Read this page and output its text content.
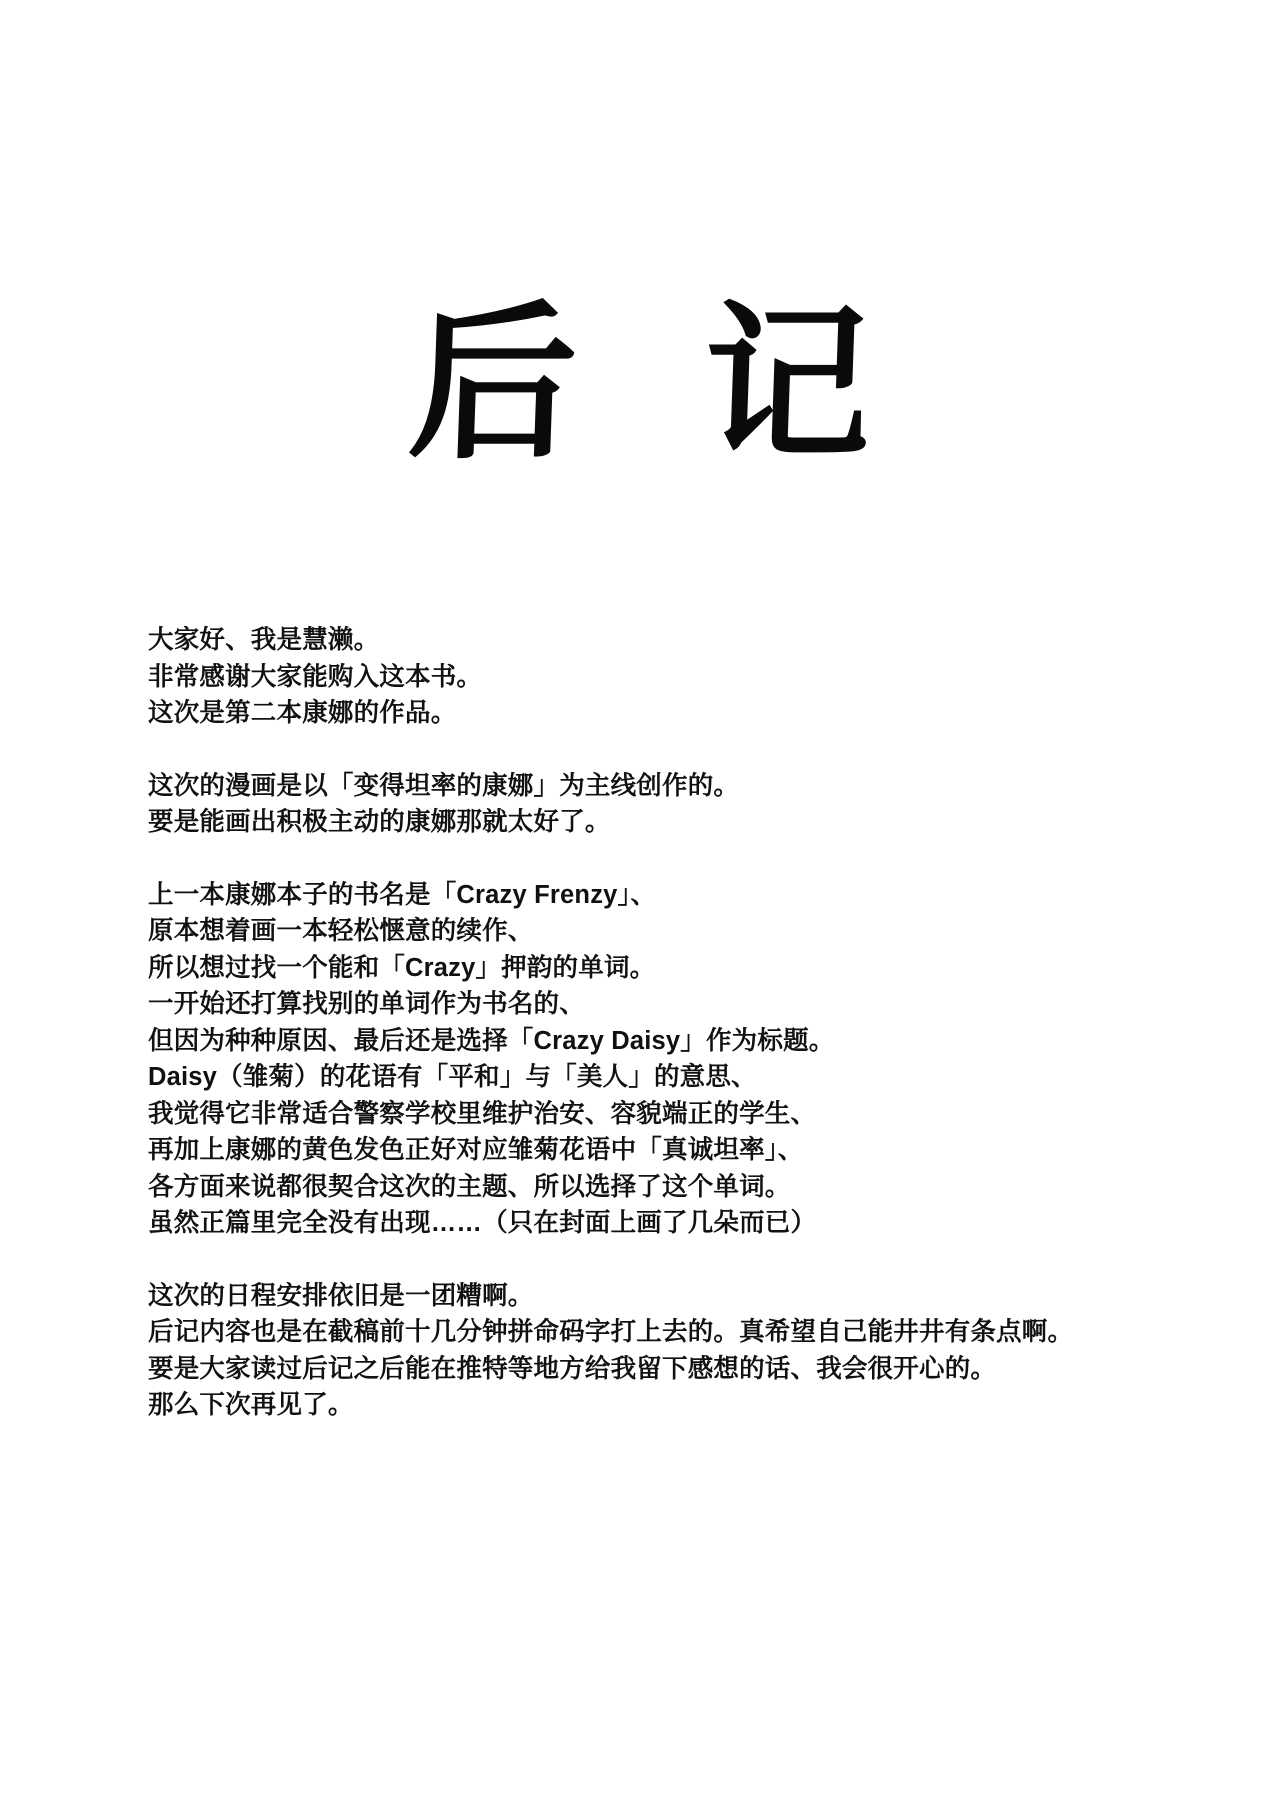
后 记
大家好、我是慧濑。
非常感谢大家能购入这本书。
这次是第二本康娜的作品。
这次的漫画是以「变得坦率的康娜」为主线创作的。
要是能画出积极主动的康娜那就太好了。
上一本康娜本子的书名是「Crazy Frenzy」、
原本想着画一本轻松惬意的续作、
所以想过找一个能和「Crazy」押韵的单词。
一开始还打算找别的单词作为书名的、
但因为种种原因、最后还是选择「Crazy Daisy」作为标题。
Daisy（雏菊）的花语有「平和」与「美人」的意思、
我觉得它非常适合警察学校里维护治安、容貌端正的学生、
再加上康娜的黄色发色正好对应雏菊花语中「真诚坦率」、
各方面来说都很契合这次的主题、所以选择了这个单词。
虽然正篇里完全没有出现……（只在封面上画了几朵而已）
这次的日程安排依旧是一团糟啊。
后记内容也是在截稿前十几分钟拼命码字打上去的。真希望自己能井井有条点啊。
要是大家读过后记之后能在推特等地方给我留下感想的话、我会很开心的。
那么下次再见了。
